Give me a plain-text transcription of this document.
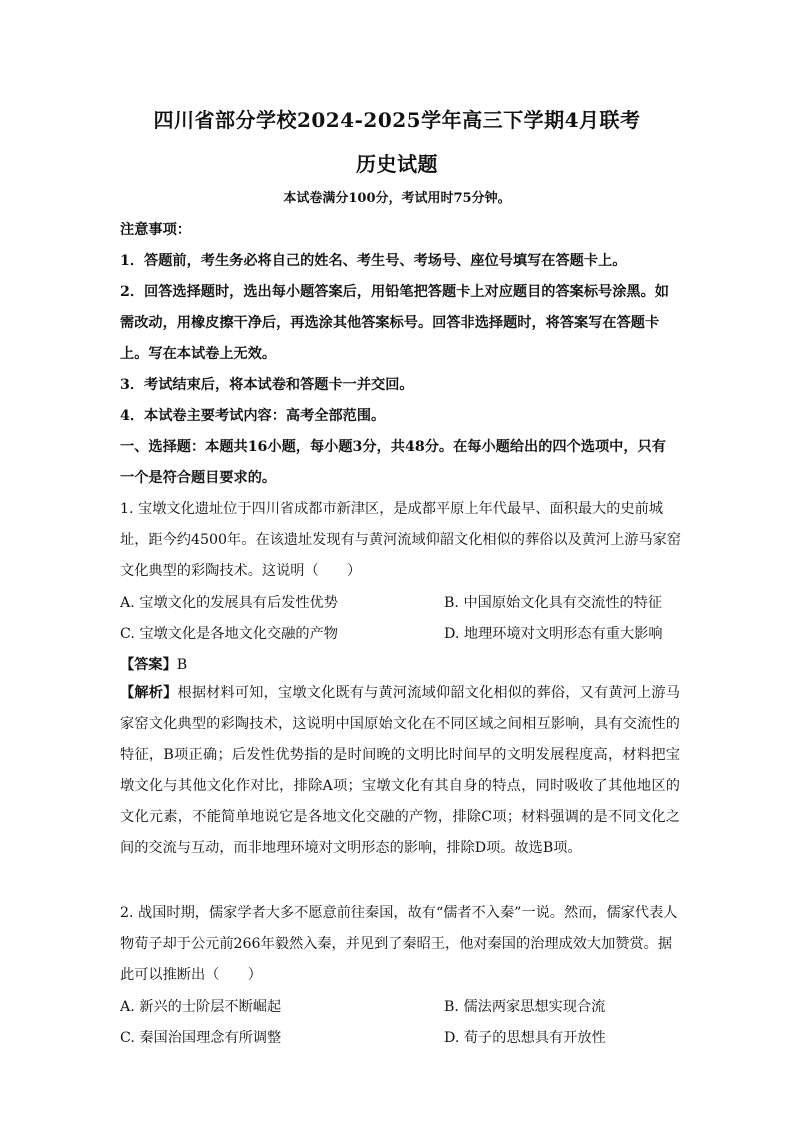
四川省部分学校2024-2025学年高三下学期4月联考
历史试题
本试卷满分100分，考试用时75分钟。
注意事项：
1．答题前，考生务必将自己的姓名、考生号、考场号、座位号填写在答题卡上。
2．回答选择题时，选出每小题答案后，用铅笔把答题卡上对应题目的答案标号涂黑。如
需改动，用橡皮擦干净后，再选涂其他答案标号。回答非选择题时，将答案写在答题卡
上。写在本试卷上无效。
3．考试结束后，将本试卷和答题卡一并交回。
4．本试卷主要考试内容：高考全部范围。
一、选择题：本题共16小题，每小题3分，共48分。在每小题给出的四个选项中，只有
一个是符合题目要求的。
1. 宝墩文化遗址位于四川省成都市新津区，是成都平原上年代最早、面积最大的史前城
址，距今约4500年。在该遗址发现有与黄河流域仰韶文化相似的葬俗以及黄河上游马家窑
文化典型的彩陶技术。这说明（　　）
A. 宝墩文化的发展具有后发性优势	B. 中国原始文化具有交流性的特征
C. 宝墩文化是各地文化交融的产物	D. 地理环境对文明形态有重大影响
【答案】B
【解析】根据材料可知，宝墩文化既有与黄河流域仰韶文化相似的葬俗，又有黄河上游马家窑文化典型的彩陶技术，这说明中国原始文化在不同区域之间相互影响，具有交流性的特征，B项正确；后发性优势指的是时间晚的文明比时间早的文明发展程度高，材料把宝墩文化与其他文化作对比，排除A项；宝墩文化有其自身的特点，同时吸收了其他地区的文化元素，不能简单地说它是各地文化交融的产物，排除C项；材料强调的是不同文化之间的交流与互动，而非地理环境对文明形态的影响，排除D项。故选B项。
2. 战国时期，儒家学者大多不愿意前往秦国，故有“儒者不入秦”一说。然而，儒家代表人
物荀子却于公元前266年毅然入秦，并见到了秦昭王，他对秦国的治理成效大加赞赏。据
此可以推断出（　　）
A. 新兴的士阶层不断崛起	B. 儒法两家思想实现合流
C. 秦国治国理念有所调整	D. 荀子的思想具有开放性
